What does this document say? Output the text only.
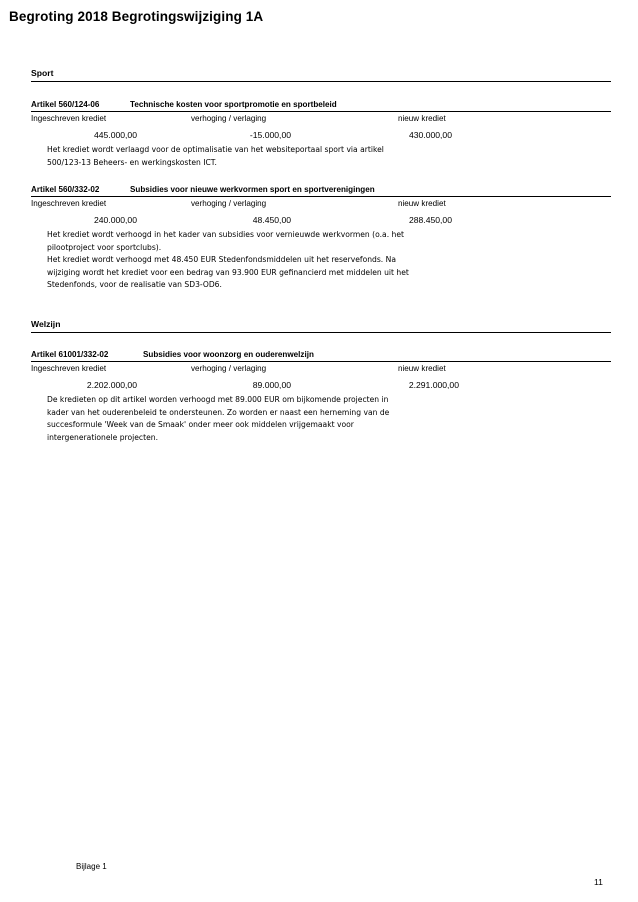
Begroting 2018 Begrotingswijziging 1A
Sport
Artikel 560/124-06	Technische kosten voor sportpromotie en sportbeleid
Ingeschreven krediet	verhoging / verlaging	nieuw krediet
445.000,00	-15.000,00	430.000,00
Het krediet wordt verlaagd voor de optimalisatie van het websiteportaal sport via artikel
500/123-13 Beheers- en werkingskosten ICT.
Artikel 560/332-02	Subsidies voor nieuwe werkvormen sport en sportverenigingen
Ingeschreven krediet	verhoging / verlaging	nieuw krediet
240.000,00	48.450,00	288.450,00
Het krediet wordt verhoogd in het kader van subsidies voor vernieuwde werkvormen (o.a. het
pilootproject voor sportclubs).
Het krediet wordt verhoogd met 48.450 EUR Stedenfondsmiddelen uit het reservefonds. Na
wijziging wordt het krediet voor een bedrag van 93.900 EUR gefinancierd met middelen uit het
Stedenfonds, voor de realisatie van SD3-OD6.
Welzijn
Artikel 61001/332-02	Subsidies voor woonzorg en ouderenwelzijn
Ingeschreven krediet	verhoging / verlaging	nieuw krediet
2.202.000,00	89.000,00	2.291.000,00
De kredieten op dit artikel worden verhoogd met 89.000 EUR om bijkomende projecten in
kader van het ouderenbeleid te ondersteunen. Zo worden er naast een herneming van de
succesformule 'Week van de Smaak' onder meer ook middelen vrijgemaakt voor
intergenerationele projecten.
Bijlage 1
11
